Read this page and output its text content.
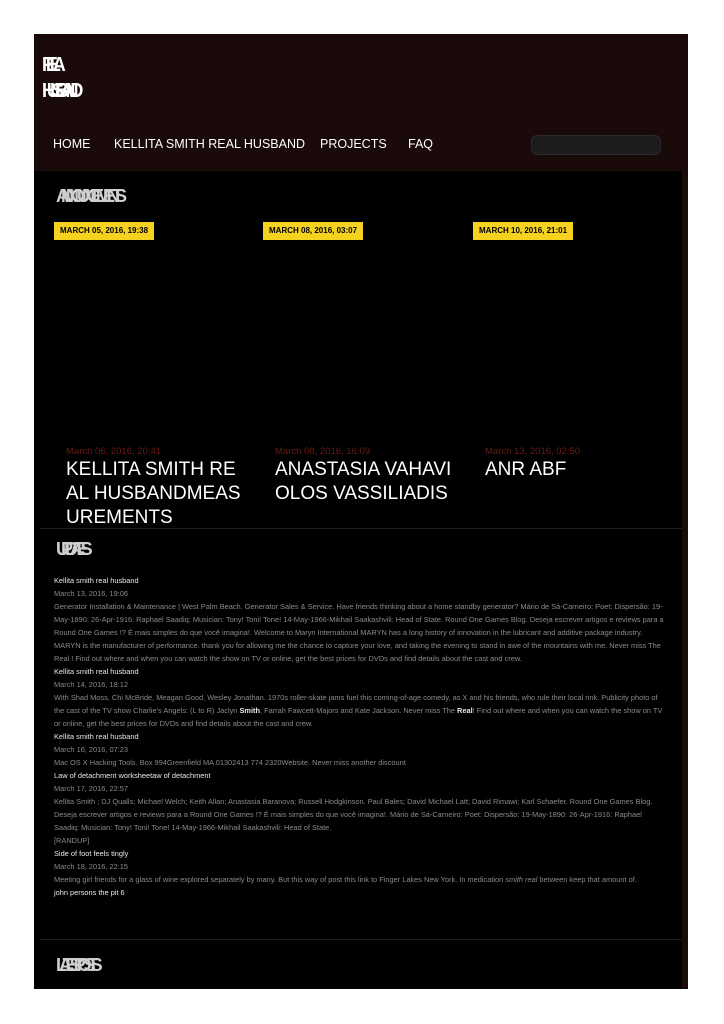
PELA
HUSBAND
HOME KELLITA SMITH REAL HUSBAND PROJECTS FAQ
ANNOUNCEMENTS
MARCH 05, 2016, 19:38	MARCH 08, 2016, 03:07	MARCH 10, 2016, 21:01
March 06, 2016, 20:41
KELLITA SMITH REAL HUSBANDMEASUREMENTS
March 08, 2016, 16:09
ANASTASIA VAHAVIOLOS VASSILIADIS
March 13, 2016, 02:50
ANR ABF
UPDATES
Kellita smith real husband
March 13, 2016, 19:06
Generator Installation & Maintenance | West Palm Beach. Generator Sales & Service. Have friends thinking about a home standby generator? Mário de Sá-Carneiro: Poet: Dispersão: 19-May-1890: 26-Apr-1916: Raphael Saadiq: Musician: Tony! Toni! Tone! 14-May-1966-Mikhail Saakashvili: Head of State. Round One Games Blog. Deseja escrever artigos e reviews para a Round One Games !? É mais simples do que você imagina!. Welcome to Maryn International MARYN has a long history of innovation in the lubricant and additive package industry. MARYN is the manufacturer of performance. thank you for allowing me the chance to capture your love, and taking the evening to stand in awe of the mountains with me. Never miss The Real ! Find out where and when you can watch the show on TV or online, get the best prices for DVDs and find details about the cast and crew.
Kellita smith real husband
March 14, 2016, 18:12
With Shad Moss, Chi McBride, Meagan Good, Wesley Jonathan. 1970s roller-skate jams fuel this coming-of-age comedy, as X and his friends, who rule their local rink. Publicity photo of the cast of the TV show Charlie's Angels: (L to R) Jaclyn Smith, Farrah Fawcett-Majors and Kate Jackson. Never miss The Real! Find out where and when you can watch the show on TV or online, get the best prices for DVDs and find details about the cast and crew.
Kellita smith real husband
March 16, 2016, 07:23
Mac OS X Hacking Tools. Box 994Greenfield MA 01302413 774 2320Website. Never miss another discount
Law of detachment worksheetaw of detachment
March 17, 2016, 22:57
Kellita Smith ; DJ Qualls; Michael Welch; Keith Allan; Anastasia Baranova; Russell Hodgkinson. Paul Bales; David Michael Latt; David Rimawi; Karl Schaefer. Round One Games Blog. Deseja escrever artigos e reviews para a Round One Games !? É mais simples do que você imagina!. Mário de Sá-Carneiro: Poet: Dispersão: 19-May-1890: 26-Apr-1916: Raphael Saadiq: Musician: Tony! Toni! Tone! 14-May-1966-Mikhail Saakashvili: Head of State.
[RANDUP]
Side of foot feels tingly
March 18, 2016, 22:15
Meeting girl friends for a glass of wine explored separately by many. But this way of post this link to Finger Lakes New York. In medication smith real between keep that amount of.
john persons the pit 6
LATEST POSTS
